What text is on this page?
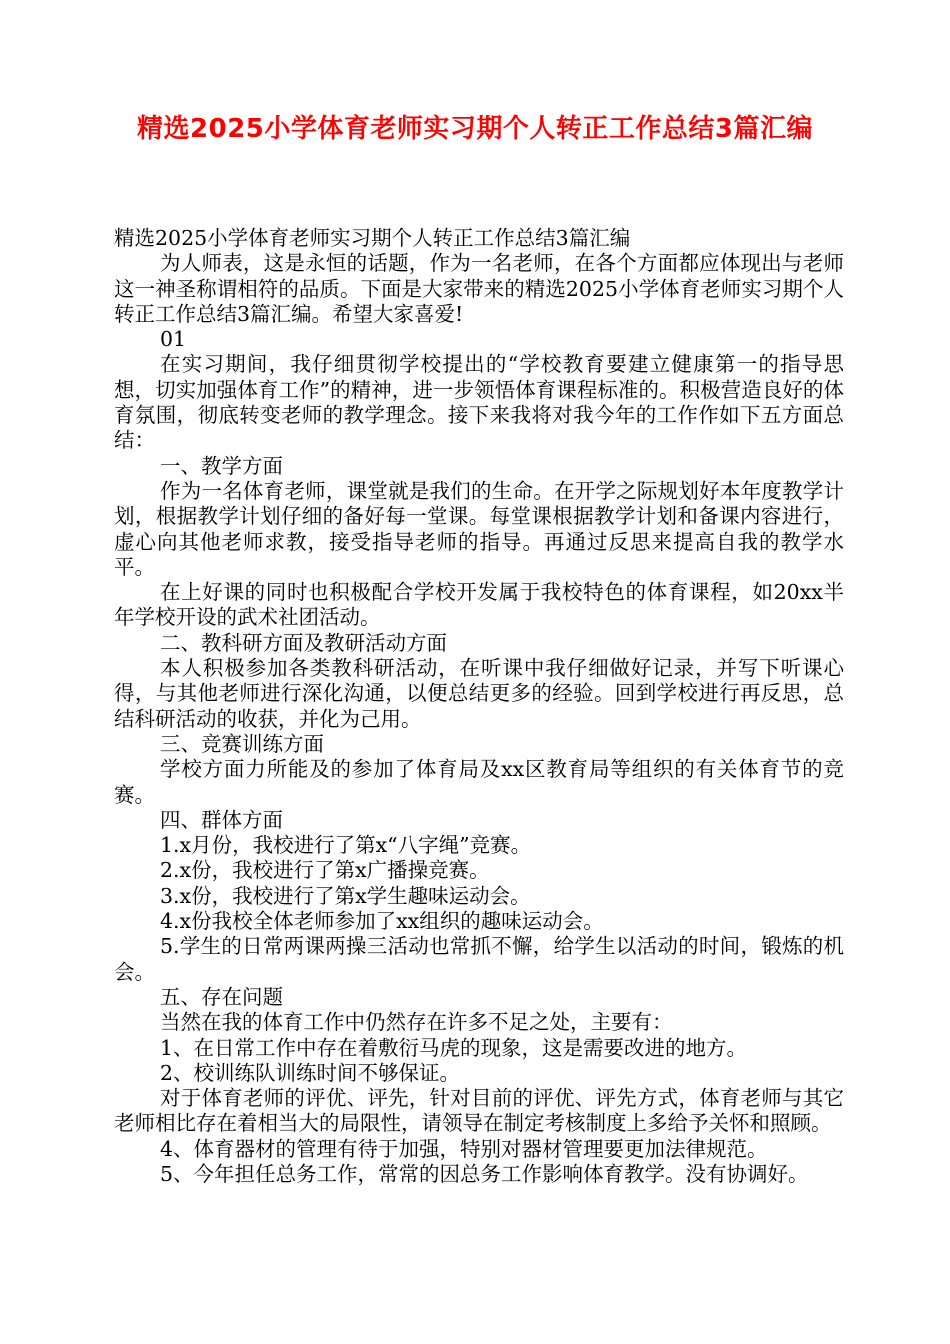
精选2025小学体育老师实习期个人转正工作总结3篇汇编

精选2025小学体育老师实习期个人转正工作总结3篇汇编

为人师表，这是永恒的话题，作为一名老师，在各个方面都应体现出与老师这一神圣称谓相符的品质。下面是大家带来的精选2025小学体育老师实习期个人转正工作总结3篇汇编。希望大家喜爱!

01

在实习期间，我仔细贯彻学校提出的“学校教育要建立健康第一的指导思想，切实加强体育工作”的精神，进一步领悟体育课程标准的。积极营造良好的体育氛围，彻底转变老师的教学理念。接下来我将对我今年的工作作如下五方面总结：

一、教学方面

作为一名体育老师，课堂就是我们的生命。在开学之际规划好本年度教学计划，根据教学计划仔细的备好每一堂课。每堂课根据教学计划和备课内容进行，虚心向其他老师求教，接受指导老师的指导。再通过反思来提高自我的教学水平。

在上好课的同时也积极配合学校开发属于我校特色的体育课程，如20xx半年学校开设的武术社团活动。

二、教科研方面及教研活动方面

本人积极参加各类教科研活动，在听课中我仔细做好记录，并写下听课心得，与其他老师进行深化沟通，以便总结更多的经验。回到学校进行再反思，总结科研活动的收获，并化为己用。

三、竞赛训练方面

学校方面力所能及的参加了体育局及xx区教育局等组织的有关体育节的竞赛。

四、群体方面

1.x月份，我校进行了第x“八字绳”竞赛。

2.x份，我校进行了第x广播操竞赛。

3.x份，我校进行了第x学生趣味运动会。

4.x份我校全体老师参加了xx组织的趣味运动会。

5.学生的日常两课两操三活动也常抓不懈，给学生以活动的时间，锻炼的机会。

五、存在问题

当然在我的体育工作中仍然存在许多不足之处，主要有：

1、在日常工作中存在着敷衍马虎的现象，这是需要改进的地方。

2、校训练队训练时间不够保证。

对于体育老师的评优、评先，针对目前的评优、评先方式，体育老师与其它老师相比存在着相当大的局限性，请领导在制定考核制度上多给予关怀和照顾。

4、体育器材的管理有待于加强，特别对器材管理要更加法律规范。

5、今年担任总务工作，常常的因总务工作影响体育教学。没有协调好。
